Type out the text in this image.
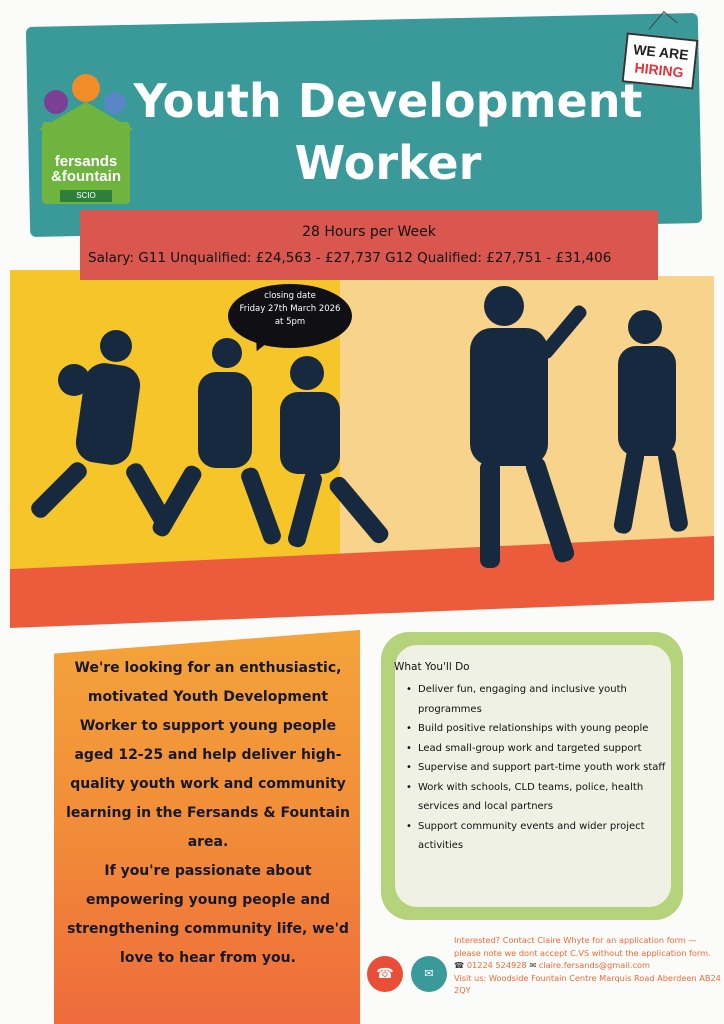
WE ARE
HIRING
fersands
&fountain
SCIO
Youth Development
Worker
closing date
Friday 27th March 2026
at 5pm
28 Hours per Week
Salary: G11 Unqualified: £24,563 - £27,737 G12 Qualified: £27,751 - £31,406
We're looking for an enthusiastic, motivated Youth Development Worker to support young people aged 12-25 and help deliver high-quality youth work and community learning in the Fersands & Fountain area.
If you're passionate about empowering young people and strengthening community life, we'd love to hear from you.
What You'll Do
• Deliver fun, engaging and inclusive youth programmes
• Build positive relationships with young people
• Lead small-group work and targeted support
• Supervise and support part-time youth work staff
• Work with schools, CLD teams, police, health services and local partners
• Support community events and wider project activities
☎	✉
Interested? Contact Claire Whyte for an application form — please note we dont accept C.VS without the application form.
☎ 01224 524928 ✉ claire.fersands@gmail.com
Visit us: Woodside Fountain Centre Marquis Road Aberdeen AB24 2QY
